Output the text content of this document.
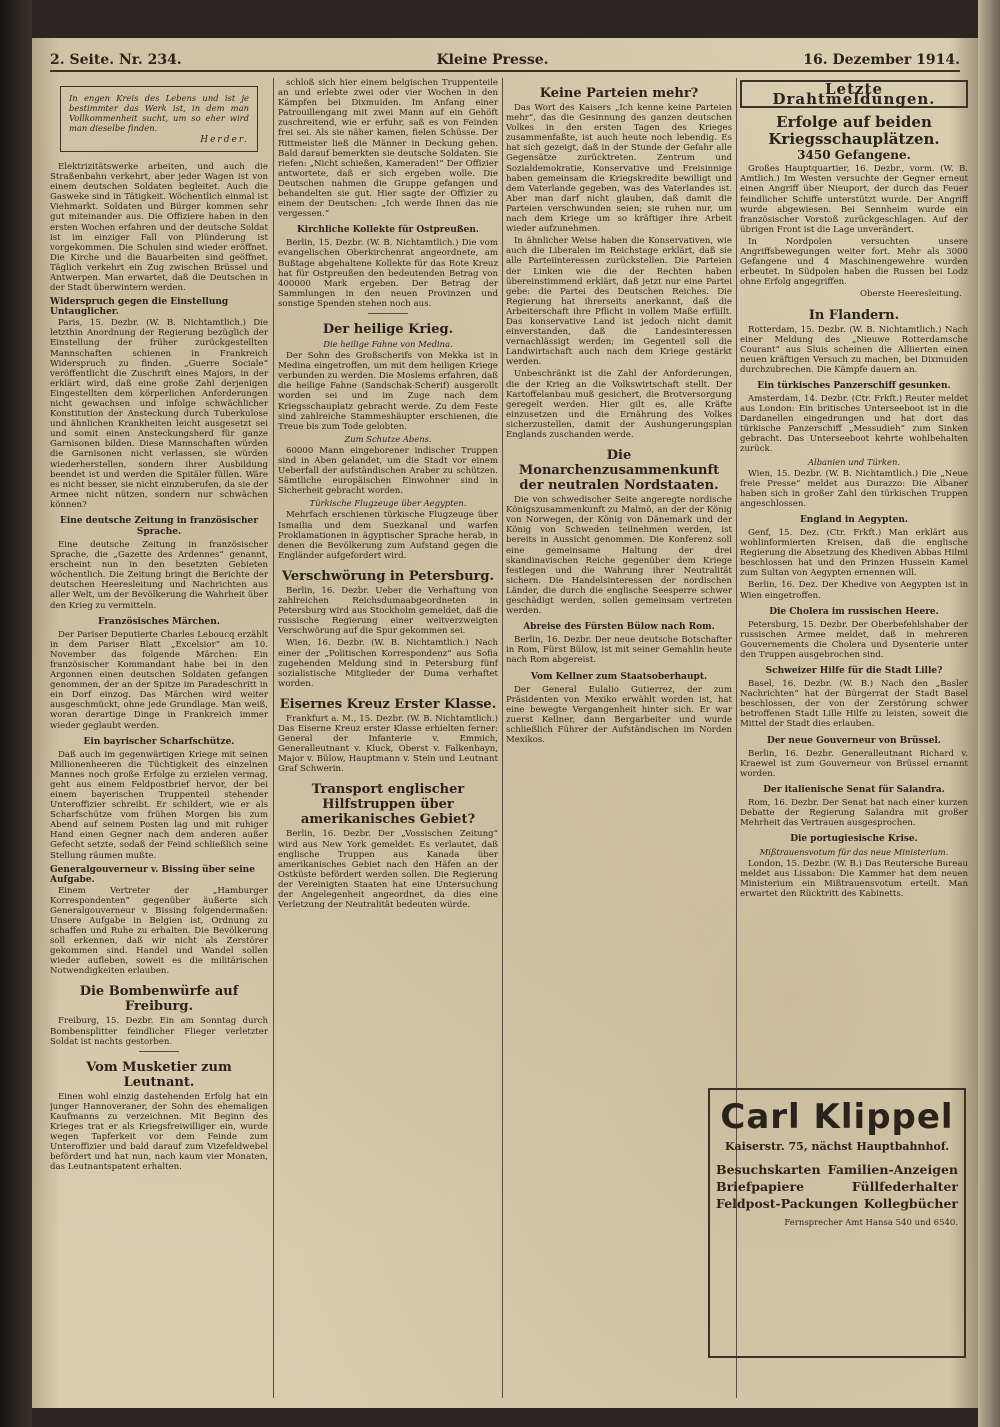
2. Seite. Nr. 234.	Kleine Presse.	16. Dezember 1914.
In engen Kreis des Lebens und ist je bestimmter das Werk ist, in dem man Vollkommenheit sucht, um so eher wird man dieselbe finden.
Herder.

Elektrizitätswerke arbeiten, und auch die Straßenbahn verkehrt, aber jeder Wagen ist von einem deutschen Soldaten begleitet. Auch die Gasweke sind in Tätigkeit. Wöchentlich einmal ist Viehmarkt. Soldaten und Bürger kommen sehr gut miteinander aus. Die Offiziere haben in den ersten Wochen erfahren und der deutsche Soldat ist im einziger Fall von Plünderung ist vorgekommen. Die Schulen sind wieder eröffnet. Die Kirche und die Bauarbeiten sind geöffnet. Täglich verkehrt ein Zug zwischen Brüssel und Antwerpen. Man erwartet, daß die Deutschen in der Stadt überwintern werden.

Widerspruch gegen die Einstellung Untauglicher.

Paris, 15. Dezbr. (W. B. Nichtamtlich.) Die letzthin Anordnung der Regierung bezüglich der Einstellung der früher zurückgestellten Mannschaften schienen in Frankreich Widerspruch zu finden. „Guerre Sociale“ veröffentlicht die Zuschrift eines Majors, in der erklärt wird, daß eine große Zahl derjenigen Eingestellten dem körperlichen Anforderungen nicht gewachsen und infolge schwächlicher Konstitution der Ansteckung durch Tuberkulose und ähnlichen Krankheiten leicht ausgesetzt sei und somit einen Ansteckungsherd für ganze Garnisonen bilden. Diese Mannschaften würden die Garnisonen nicht verlassen, sie würden wiederherstellen, sondern ihrer Ausbildung beendet ist und werden die Spitäler füllen. Wäre es nicht besser, sie nicht einzuberufen, da sie der Armee nicht nützen, sondern nur schwächen können?

Eine deutsche Zeitung in französischer Sprache.

Eine deutsche Zeitung in französischer Sprache, die „Gazette des Ardennes“ genannt, erscheint nun in den besetzten Gebieten wöchentlich. Die Zeitung bringt die Berichte der deutschen Heeresleitung und Nachrichten aus aller Welt, um der Bevölkerung die Wahrheit über den Krieg zu vermitteln.

Französisches Märchen.

Der Pariser Deputierte Charles Leboucq erzählt in dem Pariser Blatt „Excelsior“ am 10. November das folgende Märchen: Ein französischer Kommandant habe bei in den Argonnen einen deutschen Soldaten gefangen genommen, der an der Spitze im Paradeschritt in ein Dorf einzog. Das Märchen wird weiter ausgeschmückt, ohne jede Grundlage. Man weiß, woran derartige Dinge in Frankreich immer wieder geglaubt werden.

Ein bayrischer Scharfschütze.

Daß auch im gegenwärtigen Kriege mit seinen Millionenheeren die Tüchtigkeit des einzelnen Mannes noch große Erfolge zu erzielen vermag, geht aus einem Feldpostbrief hervor, der bei einem bayerischen Truppenteil stehender Unteroffizier schreibt. Er schildert, wie er als Scharfschütze vom frühen Morgen bis zum Abend auf seinem Posten lag und mit ruhiger Hand einen Gegner nach dem anderen außer Gefecht setzte, sodaß der Feind schließlich seine Stellung räumen mußte.

Generalgouverneur v. Bissing über seine Aufgabe.

Einem Vertreter der „Hamburger Korrespondenten“ gegenüber äußerte sich Generalgouverneur v. Bissing folgendermaßen: Unsere Aufgabe in Belgien ist, Ordnung zu schaffen und Ruhe zu erhalten. Die Bevölkerung soll erkennen, daß wir nicht als Zerstörer gekommen sind. Handel und Wandel sollen wieder aufleben, soweit es die militärischen Notwendigkeiten erlauben.

Die Bombenwürfe auf Freiburg.

Freiburg, 15. Dezbr. Ein am Sonntag durch Bombensplitter feindlicher Flieger verletzter Soldat ist nachts gestorben.

Vom Musketier zum Leutnant.

Einen wohl einzig dastehenden Erfolg hat ein junger Hannoveraner, der Sohn des ehemaligen Kaufmanns zu verzeichnen. Mit Beginn des Krieges trat er als Kriegsfreiwilliger ein, wurde wegen Tapferkeit vor dem Feinde zum Unteroffizier und bald darauf zum Vizefeldwebel befördert und hat nun, nach kaum vier Monaten, das Leutnantspatent erhalten.

schloß sich hier einem belgischen Truppenteile an und erlebte zwei oder vier Wochen in den Kämpfen bei Dixmuiden. Im Anfang einer Patrouillengang mit zwei Mann auf ein Gehöft zuschreitend, wie er erfuhr, saß es von Feinden frei sei. Als sie näher kamen, fielen Schüsse. Der Rittmeister ließ die Männer in Deckung gehen. Bald darauf bemerkten sie deutsche Soldaten. Sie riefen: „Nicht schießen, Kameraden!“ Der Offizier antwortete, daß er sich ergeben wolle. Die Deutschen nahmen die Gruppe gefangen und behandelten sie gut. Hier sagte der Offizier zu einem der Deutschen: „Ich werde Ihnen das nie vergessen.“

Kirchliche Kollekte für Ostpreußen.

Berlin, 15. Dezbr. (W. B. Nichtamtlich.) Die vom evangelischen Oberkirchenrat angeordnete, am Bußtage abgehaltene Kollekte für das Rote Kreuz hat für Ostpreußen den bedeutenden Betrag von 400000 Mark ergeben. Der Betrag der Sammlungen in den neuen Provinzen und sonstige Spenden stehen noch aus.

Der heilige Krieg.
Die heilige Fahne von Medina.

Der Sohn des Großscherifs von Mekka ist in Medina eingetroffen, um mit dem heiligen Kriege verbunden zu werden. Die Moslems erfahren, daß die heilige Fahne (Sandschak-Scherif) ausgerollt worden sei und im Zuge nach dem Kriegsschauplatz gebracht werde. Zu dem Feste sind zahlreiche Stammeshäupter erschienen, die Treue bis zum Tode gelobten.

Zum Schutze Abens.

60000 Mann eingeborener indischer Truppen sind in Aben gelandet, um die Stadt vor einem Ueberfall der aufständischen Araber zu schützen. Sämtliche europäischen Einwohner sind in Sicherheit gebracht worden.

Türkische Flugzeuge über Aegypten.

Mehrfach erschienen türkische Flugzeuge über Ismailia und dem Suezkanal und warfen Proklamationen in ägyptischer Sprache herab, in denen die Bevölkerung zum Aufstand gegen die Engländer aufgefordert wird.

Verschwörung in Petersburg.

Berlin, 16. Dezbr. Ueber die Verhaftung von zahlreichen Reichsdumaabgeordneten in Petersburg wird aus Stockholm gemeldet, daß die russische Regierung einer weitverzweigten Verschwörung auf die Spur gekommen sei.

Wien, 16. Dezbr. (W. B. Nichtamtlich.) Nach einer der „Politischen Korrespondenz“ aus Sofia zugehenden Meldung sind in Petersburg fünf sozialistische Mitglieder der Duma verhaftet worden.

Eisernes Kreuz Erster Klasse.

Frankfurt a. M., 15. Dezbr. (W. B. Nichtamtlich.) Das Eiserne Kreuz erster Klasse erhielten ferner: General der Infanterie v. Emmich, Generalleutnant v. Kluck, Oberst v. Falkenhayn, Major v. Bülow, Hauptmann v. Stein und Leutnant Graf Schwerin.

Transport englischer Hilfstruppen über amerikanisches Gebiet?

Berlin, 16. Dezbr. Der „Vossischen Zeitung“ wird aus New York gemeldet: Es verlautet, daß englische Truppen aus Kanada über amerikanisches Gebiet nach den Häfen an der Ostküste befördert werden sollen. Die Regierung der Vereinigten Staaten hat eine Untersuchung der Angelegenheit angeordnet, da dies eine Verletzung der Neutralität bedeuten würde.

Keine Parteien mehr?

Das Wort des Kaisers „Ich kenne keine Parteien mehr“, das die Gesinnung des ganzen deutschen Volkes in den ersten Tagen des Krieges zusammenfaßte, ist auch heute noch lebendig. Es hat sich gezeigt, daß in der Stunde der Gefahr alle Gegensätze zurücktreten. Zentrum und Sozialdemokratie, Konservative und Freisinnige haben gemeinsam die Kriegskredite bewilligt und dem Vaterlande gegeben, was des Vaterlandes ist. Aber man darf nicht glauben, daß damit die Parteien verschwunden seien; sie ruhen nur, um nach dem Kriege um so kräftiger ihre Arbeit wieder aufzunehmen.

In ähnlicher Weise haben die Konservativen, wie auch die Liberalen im Reichstage erklärt, daß sie alle Parteiinteressen zurückstellen. Die Parteien der Linken wie die der Rechten haben übereinstimmend erklärt, daß jetzt nur eine Partei gebe: die Partei des Deutschen Reiches. Die Regierung hat ihrerseits anerkannt, daß die Arbeiterschaft ihre Pflicht in vollem Maße erfüllt. Das konservative Land ist jedoch nicht damit einverstanden, daß die Landesinteressen vernachlässigt werden; im Gegenteil soll die Landwirtschaft auch nach dem Kriege gestärkt werden.

Unbeschränkt ist die Zahl der Anforderungen, die der Krieg an die Volkswirtschaft stellt. Der Kartoffelanbau muß gesichert, die Brotversorgung geregelt werden. Hier gilt es, alle Kräfte einzusetzen und die Ernährung des Volkes sicherzustellen, damit der Aushungerungsplan Englands zuschanden werde.

Die Monarchenzusammenkunft der neutralen Nordstaaten.

Die von schwedischer Seite angeregte nordische Königszusammenkunft zu Malmö, an der der König von Norwegen, der König von Dänemark und der König von Schweden teilnehmen werden, ist bereits in Aussicht genommen. Die Konferenz soll eine gemeinsame Haltung der drei skandinavischen Reiche gegenüber dem Kriege festlegen und die Wahrung ihrer Neutralität sichern. Die Handelsinteressen der nordischen Länder, die durch die englische Seesperre schwer geschädigt werden, sollen gemeinsam vertreten werden.

Abreise des Fürsten Bülow nach Rom.

Berlin, 16. Dezbr. Der neue deutsche Botschafter in Rom, Fürst Bülow, ist mit seiner Gemahlin heute nach Rom abgereist.

Vom Kellner zum Staatsoberhaupt.

Der General Eulalio Gutierrez, der zum Präsidenten von Mexiko erwählt worden ist, hat eine bewegte Vergangenheit hinter sich. Er war zuerst Kellner, dann Bergarbeiter und wurde schließlich Führer der Aufständischen im Norden Mexikos.

Letzte Drahtmeldungen.
Erfolge auf beiden Kriegsschauplätzen.
3450 Gefangene.

Großes Hauptquartier, 16. Dezbr., vorm. (W. B. Amtlich.) Im Westen versuchte der Gegner erneut einen Angriff über Nieuport, der durch das Feuer feindlicher Schiffe unterstützt wurde. Der Angriff wurde abgewiesen. Bei Sennheim wurde ein französischer Vorstoß zurückgeschlagen. Auf der übrigen Front ist die Lage unverändert.

In Nordpolen versuchten unsere Angriffsbewegungen weiter fort. Mehr als 3000 Gefangene und 4 Maschinengewehre wurden erbeutet. In Südpolen haben die Russen bei Lodz ohne Erfolg angegriffen.

Oberste Heeresleitung.
In Flandern.

Rotterdam, 15. Dezbr. (W. B. Nichtamtlich.) Nach einer Meldung des „Nieuwe Rotterdamsche Courant“ aus Sluis scheinen die Alliierten einen neuen kräftigen Versuch zu machen, bei Dixmuiden durchzubrechen. Die Kämpfe dauern an.

Ein türkisches Panzerschiff gesunken.

Amsterdam, 14. Dezbr. (Ctr. Frkft.) Reuter meldet aus London: Ein britisches Unterseeboot ist in die Dardanellen eingedrungen und hat dort das türkische Panzerschiff „Messudieh“ zum Sinken gebracht. Das Unterseeboot kehrte wohlbehalten zurück.

Albanien und Türken.

Wien, 15. Dezbr. (W. B. Nichtamtlich.) Die „Neue freie Presse“ meldet aus Durazzo: Die Albaner haben sich in großer Zahl den türkischen Truppen angeschlossen.

England in Aegypten.

Genf, 15. Dez. (Ctr. Frkft.) Man erklärt aus wohlinformierten Kreisen, daß die englische Regierung die Absetzung des Khediven Abbas Hilmi beschlossen hat und den Prinzen Hussein Kamel zum Sultan von Aegypten ernennen will.

Berlin, 16. Dez. Der Khedive von Aegypten ist in Wien eingetroffen.

Die Cholera im russischen Heere.

Petersburg, 15. Dezbr. Der Oberbefehlshaber der russischen Armee meldet, daß in mehreren Gouvernements die Cholera und Dysenterie unter den Truppen ausgebrochen sind.

Schweizer Hilfe für die Stadt Lille?

Basel, 16. Dezbr. (W. B.) Nach den „Basler Nachrichten“ hat der Bürgerrat der Stadt Basel beschlossen, der von der Zerstörung schwer betroffenen Stadt Lille Hilfe zu leisten, soweit die Mittel der Stadt dies erlauben.

Der neue Gouverneur von Brüssel.

Berlin, 16. Dezbr. Generalleutnant Richard v. Kraewel ist zum Gouverneur von Brüssel ernannt worden.

Der italienische Senat für Salandra.

Rom, 16. Dezbr. Der Senat hat nach einer kurzen Debatte der Regierung Salandra mit großer Mehrheit das Vertrauen ausgesprochen.

Die portugiesische Krise.
Mißtrauensvotum für das neue Ministerium.

London, 15. Dezbr. (W. B.) Das Reutersche Bureau meldet aus Lissabon: Die Kammer hat dem neuen Ministerium ein Mißtrauensvotum erteilt. Man erwartet den Rücktritt des Kabinetts.

Carl Klippel
Kaiserstr. 75, nächst Hauptbahnhof.
Besuchskarten Familien-Anzeigen
Briefpapiere	Füllfederhalter
Feldpost-Packungen Kollegbücher
Fernsprecher Amt Hansa 540 und 6540.
